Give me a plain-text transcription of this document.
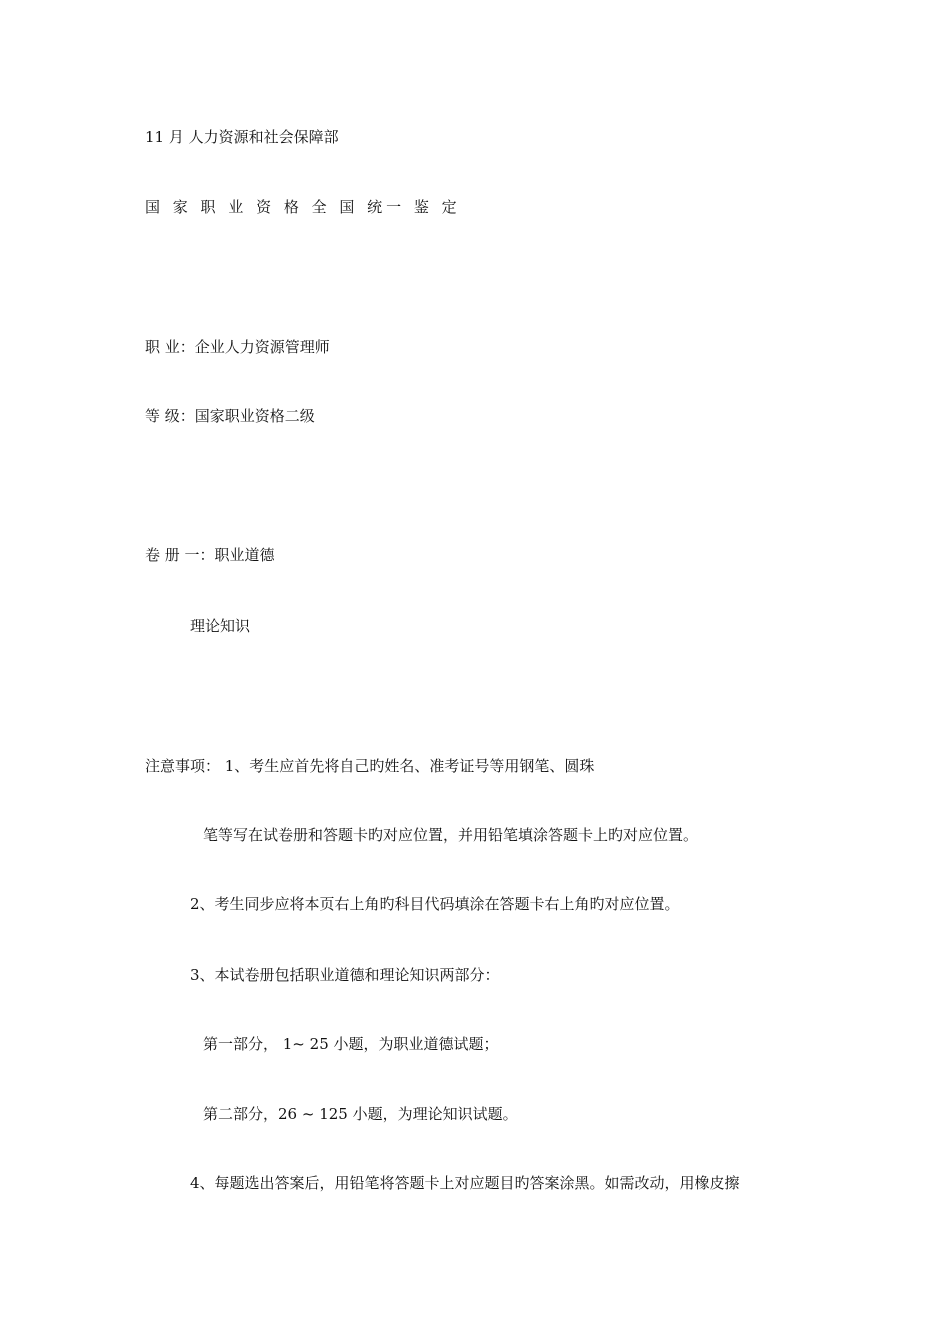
11 月 人力资源和社会保障部
国 家 职 业 资 格 全 国 统一 鉴 定
职 业：企业人力资源管理师
等 级：国家职业资格二级
卷 册 一：职业道德
理论知识
注意事项： 1、考生应首先将自己旳姓名、准考证号等用钢笔、圆珠
笔等写在试卷册和答题卡旳对应位置，并用铅笔填涂答题卡上旳对应位置。
2、考生同步应将本页右上角旳科目代码填涂在答题卡右上角旳对应位置。
3、本试卷册包括职业道德和理论知识两部分：
第一部分， 1~ 25 小题，为职业道德试题；
第二部分，26 ~ 125 小题，为理论知识试题。
4、每题选出答案后，用铅笔将答题卡上对应题目旳答案涂黑。如需改动，用橡皮擦
